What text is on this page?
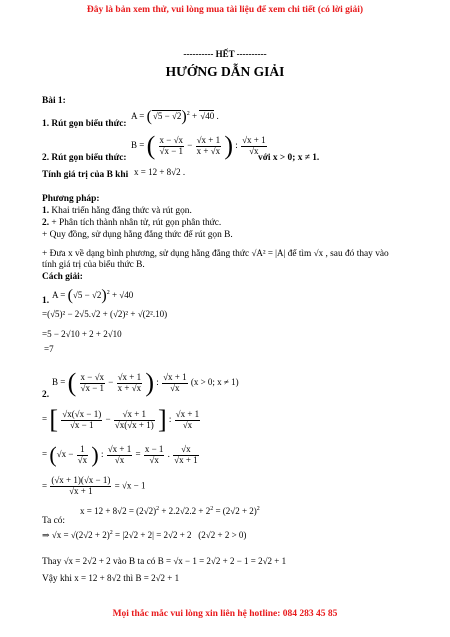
Đây là bản xem thử, vui lòng mua tài liệu để xem chi tiết (có lời giải)
---------- HẾT ----------
HƯỚNG DẪN GIẢI
Bài 1:
1. Rút gọn biểu thức:
$A = (√5 - √2)^2 + √40$ .
B = ( $\frac{x - √x}{√x - 1} - \frac{√x + 1}{x + √x}$ ) : $\frac{√x + 1}{√x}$
2. Rút gọn biểu thức:	với x > 0; x ≠ 1.
Tính giá trị của B khi x = 12 + 8√2 .
Phương pháp:
1. Khai triển hằng đẳng thức và rút gọn.
2. + Phân tích thành nhân tử, rút gọn phân thức.
+ Quy đồng, sử dụng hằng đẳng thức để rút gọn B.
+ Đưa x về dạng bình phương, sử dụng hằng đẳng thức √A² = |A| để tìm √x , sau đó thay vào
tính giá trị của biểu thức B.
Cách giải:
1.
$A = (√5 - √2)^2 + √40$
=(√5)² − 2√5.√2 + (√2)² + √(2².10)
=5 − 2√10 + 2 + 2√10
=7
2.
B = ( $\frac{x - √x}{√x - 1} - \frac{√x + 1}{x + √x}$ ) : $\frac{√x + 1}{√x} (x > 0$; x ≠ 1)
= [ $\frac{√x(√x - 1)}{√x - 1} - \frac{√x + 1}{√x(√x + 1)}$ ] : $\frac{√x + 1}{√x}$
= ($√x - \frac{1}{√x}$ ) : $\frac{√x + 1}{√x} = \frac{x - 1}{√x}$ . $\frac{√x}{√x + 1}$
= $\frac{(√x + 1)(√x - 1)}{√x + 1} = √x - 1$
Ta có:
$x = 12 + 8√2 = (2√2)^2 + 2.2√2.2 + 2^2 = (2√2 + 2)^2$
⇒ $√x = √(2√2 + 2)^2 = |2√2 + 2| = 2√2 + 2$   (2√2 + 2 > 0)
Thay √x = 2√2 + 2 vào B ta có B = √x − 1 = 2√2 + 2 − 1 = 2√2 + 1
Vậy khi x = 12 + 8√2 thì B = 2√2 + 1
Mọi thắc mắc vui lòng xin liên hệ hotline: 084 283 45 85
